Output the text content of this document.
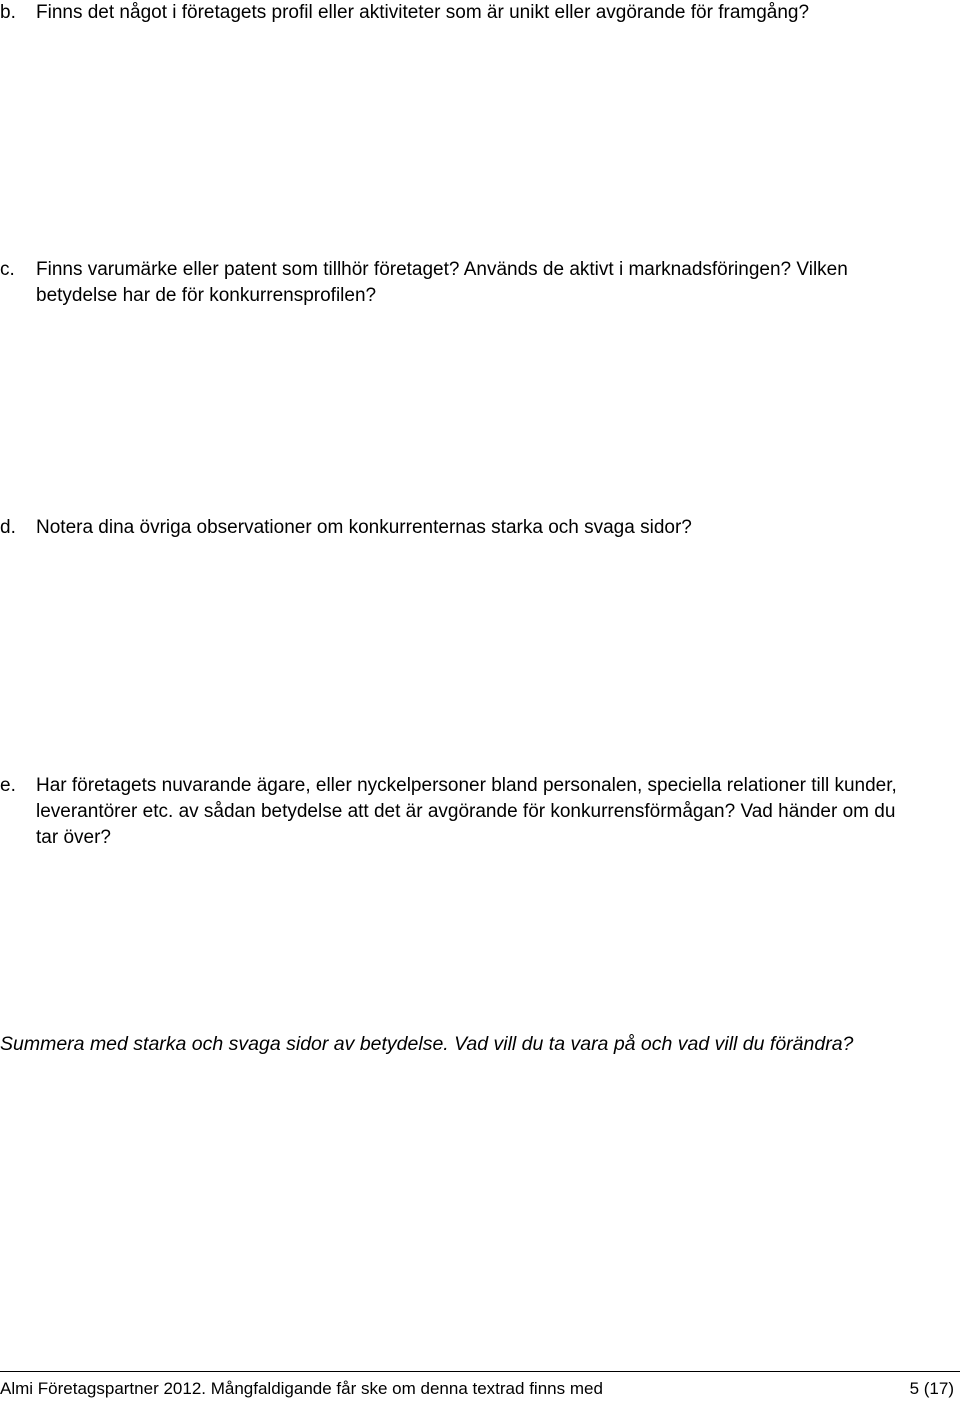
b. Finns det något i företagets profil eller aktiviteter som är unikt eller avgörande för framgång?
c. Finns varumärke eller patent som tillhör företaget? Används de aktivt i marknadsföringen? Vilken
betydelse har de för konkurrensprofilen?
d. Notera dina övriga observationer om konkurrenternas starka och svaga sidor?
e. Har företagets nuvarande ägare, eller nyckelpersoner bland personalen, speciella relationer till kunder,
leverantörer etc. av sådan betydelse att det är avgörande för konkurrensförmågan? Vad händer om du
tar över?
Summera med starka och svaga sidor av betydelse. Vad vill du ta vara på och vad vill du förändra?
Almi Företagspartner 2012. Mångfaldigande får ske om denna textrad finns med	5 (17)
